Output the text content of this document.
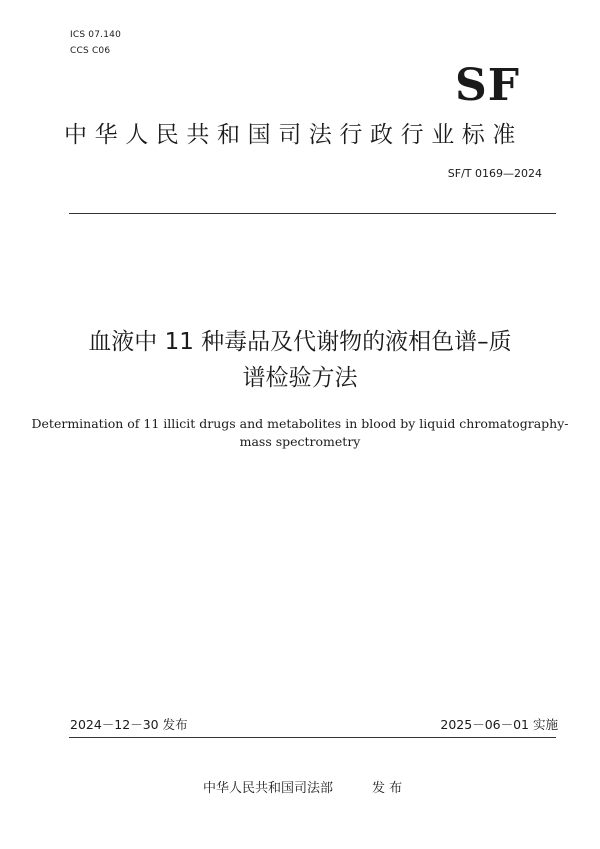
ICS 07.140
CCS C06
SF
中华人民共和国司法行政行业标准
SF/T 0169—2024
血液中 11 种毒品及代谢物的液相色谱–质
谱检验方法
Determination of 11 illicit drugs and metabolites in blood by liquid chromatography-
mass spectrometry
2024－12－30 发布	2025－06－01 实施
中华人民共和国司法部	发 布
